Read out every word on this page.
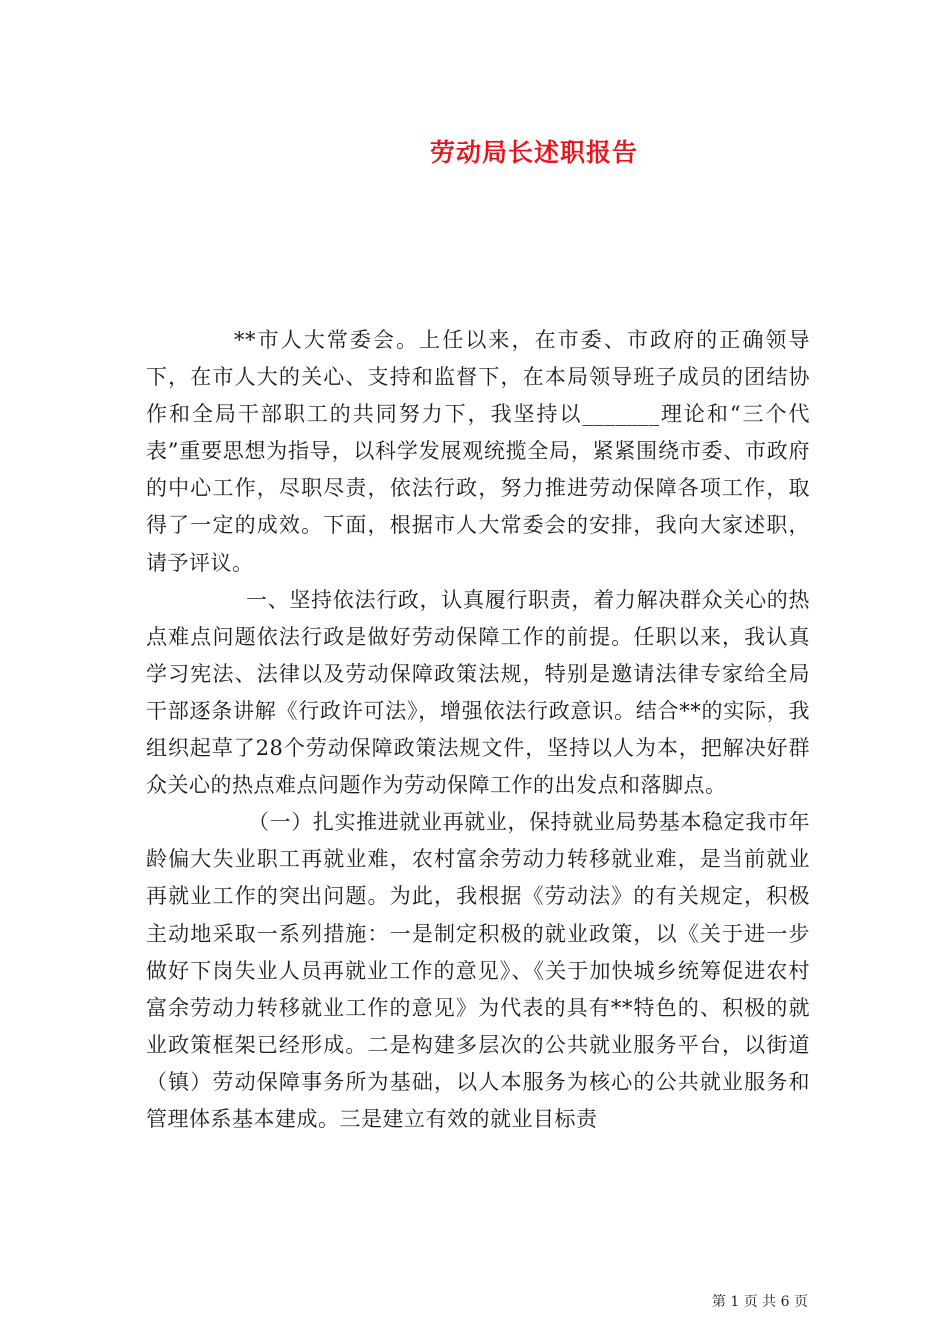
劳动局长述职报告

**市人大常委会。上任以来，在市委、市政府的正确领导下，在市人大的关心、支持和监督下，在本局领导班子成员的团结协作和全局干部职工的共同努力下，我坚持以_______理论和“三个代表”重要思想为指导，以科学发展观统揽全局，紧紧围绕市委、市政府的中心工作，尽职尽责，依法行政，努力推进劳动保障各项工作，取得了一定的成效。下面，根据市人大常委会的安排，我向大家述职，请予评议。

一、坚持依法行政，认真履行职责，着力解决群众关心的热点难点问题依法行政是做好劳动保障工作的前提。任职以来，我认真学习宪法、法律以及劳动保障政策法规，特别是邀请法律专家给全局干部逐条讲解《行政许可法》，增强依法行政意识。结合**的实际，我组织起草了28个劳动保障政策法规文件，坚持以人为本，把解决好群众关心的热点难点问题作为劳动保障工作的出发点和落脚点。

（一）扎实推进就业再就业，保持就业局势基本稳定我市年龄偏大失业职工再就业难，农村富余劳动力转移就业难，是当前就业再就业工作的突出问题。为此，我根据《劳动法》的有关规定，积极主动地采取一系列措施：一是制定积极的就业政策，以《关于进一步做好下岗失业人员再就业工作的意见》、《关于加快城乡统筹促进农村富余劳动力转移就业工作的意见》为代表的具有**特色的、积极的就业政策框架已经形成。二是构建多层次的公共就业服务平台，以街道（镇）劳动保障事务所为基础，以人本服务为核心的公共就业服务和管理体系基本建成。三是建立有效的就业目标责

第 1 页 共 6 页
